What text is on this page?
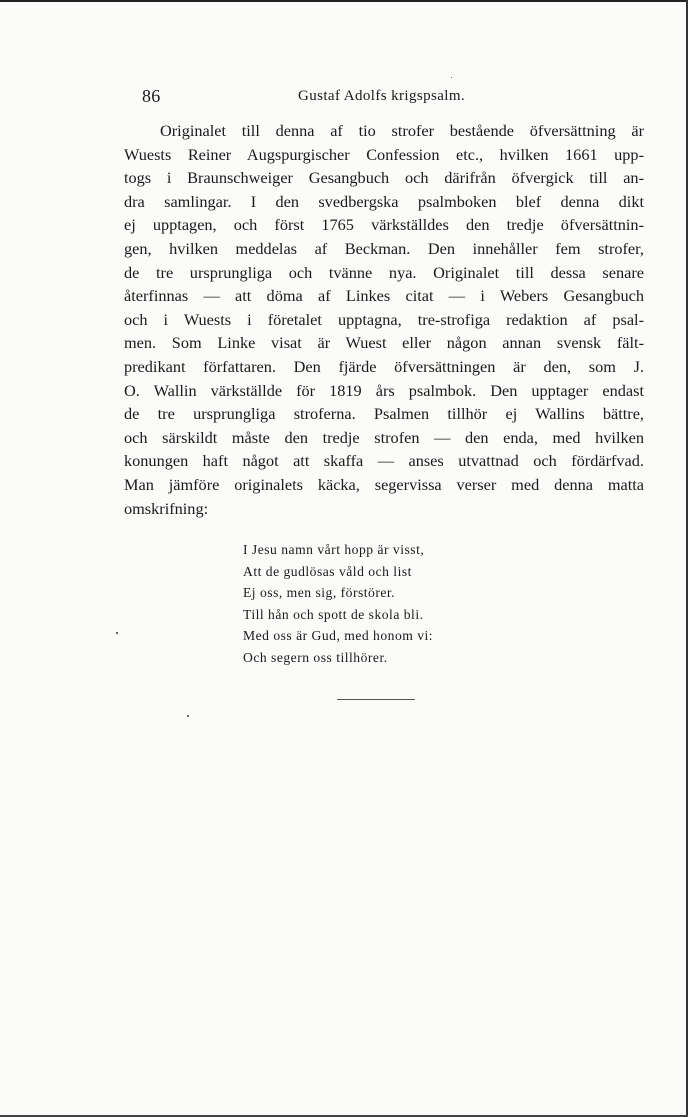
86	Gustaf Adolfs krigspsalm.
Originalet till denna af tio strofer bestående öfversättning är
Wuests Reiner Augspurgischer Confession etc., hvilken 1661 upp-
togs i Braunschweiger Gesangbuch och därifrån öfvergick till an-
dra samlingar. I den svedbergska psalmboken blef denna dikt
ej upptagen, och först 1765 värkställdes den tredje öfversättnin-
gen, hvilken meddelas af Beckman. Den innehåller fem strofer,
de tre ursprungliga och tvänne nya. Originalet till dessa senare
återfinnas — att döma af Linkes citat — i Webers Gesangbuch
och i Wuests i företalet upptagna, tre-strofiga redaktion af psal-
men. Som Linke visat är Wuest eller någon annan svensk fält-
predikant författaren. Den fjärde öfversättningen är den, som J.
O. Wallin värkställde för 1819 års psalmbok. Den upptager endast
de tre ursprungliga stroferna. Psalmen tillhör ej Wallins bättre,
och särskildt måste den tredje strofen — den enda, med hvilken
konungen haft något att skaffa — anses utvattnad och fördärfvad.
Man jämföre originalets käcka, segervissa verser med denna matta
omskrifning:
I Jesu namn vårt hopp är visst,
Att de gudlösas våld och list
Ej oss, men sig, förstörer.
Till hån och spott de skola bli.
Med oss är Gud, med honom vi:
Och segern oss tillhörer.
